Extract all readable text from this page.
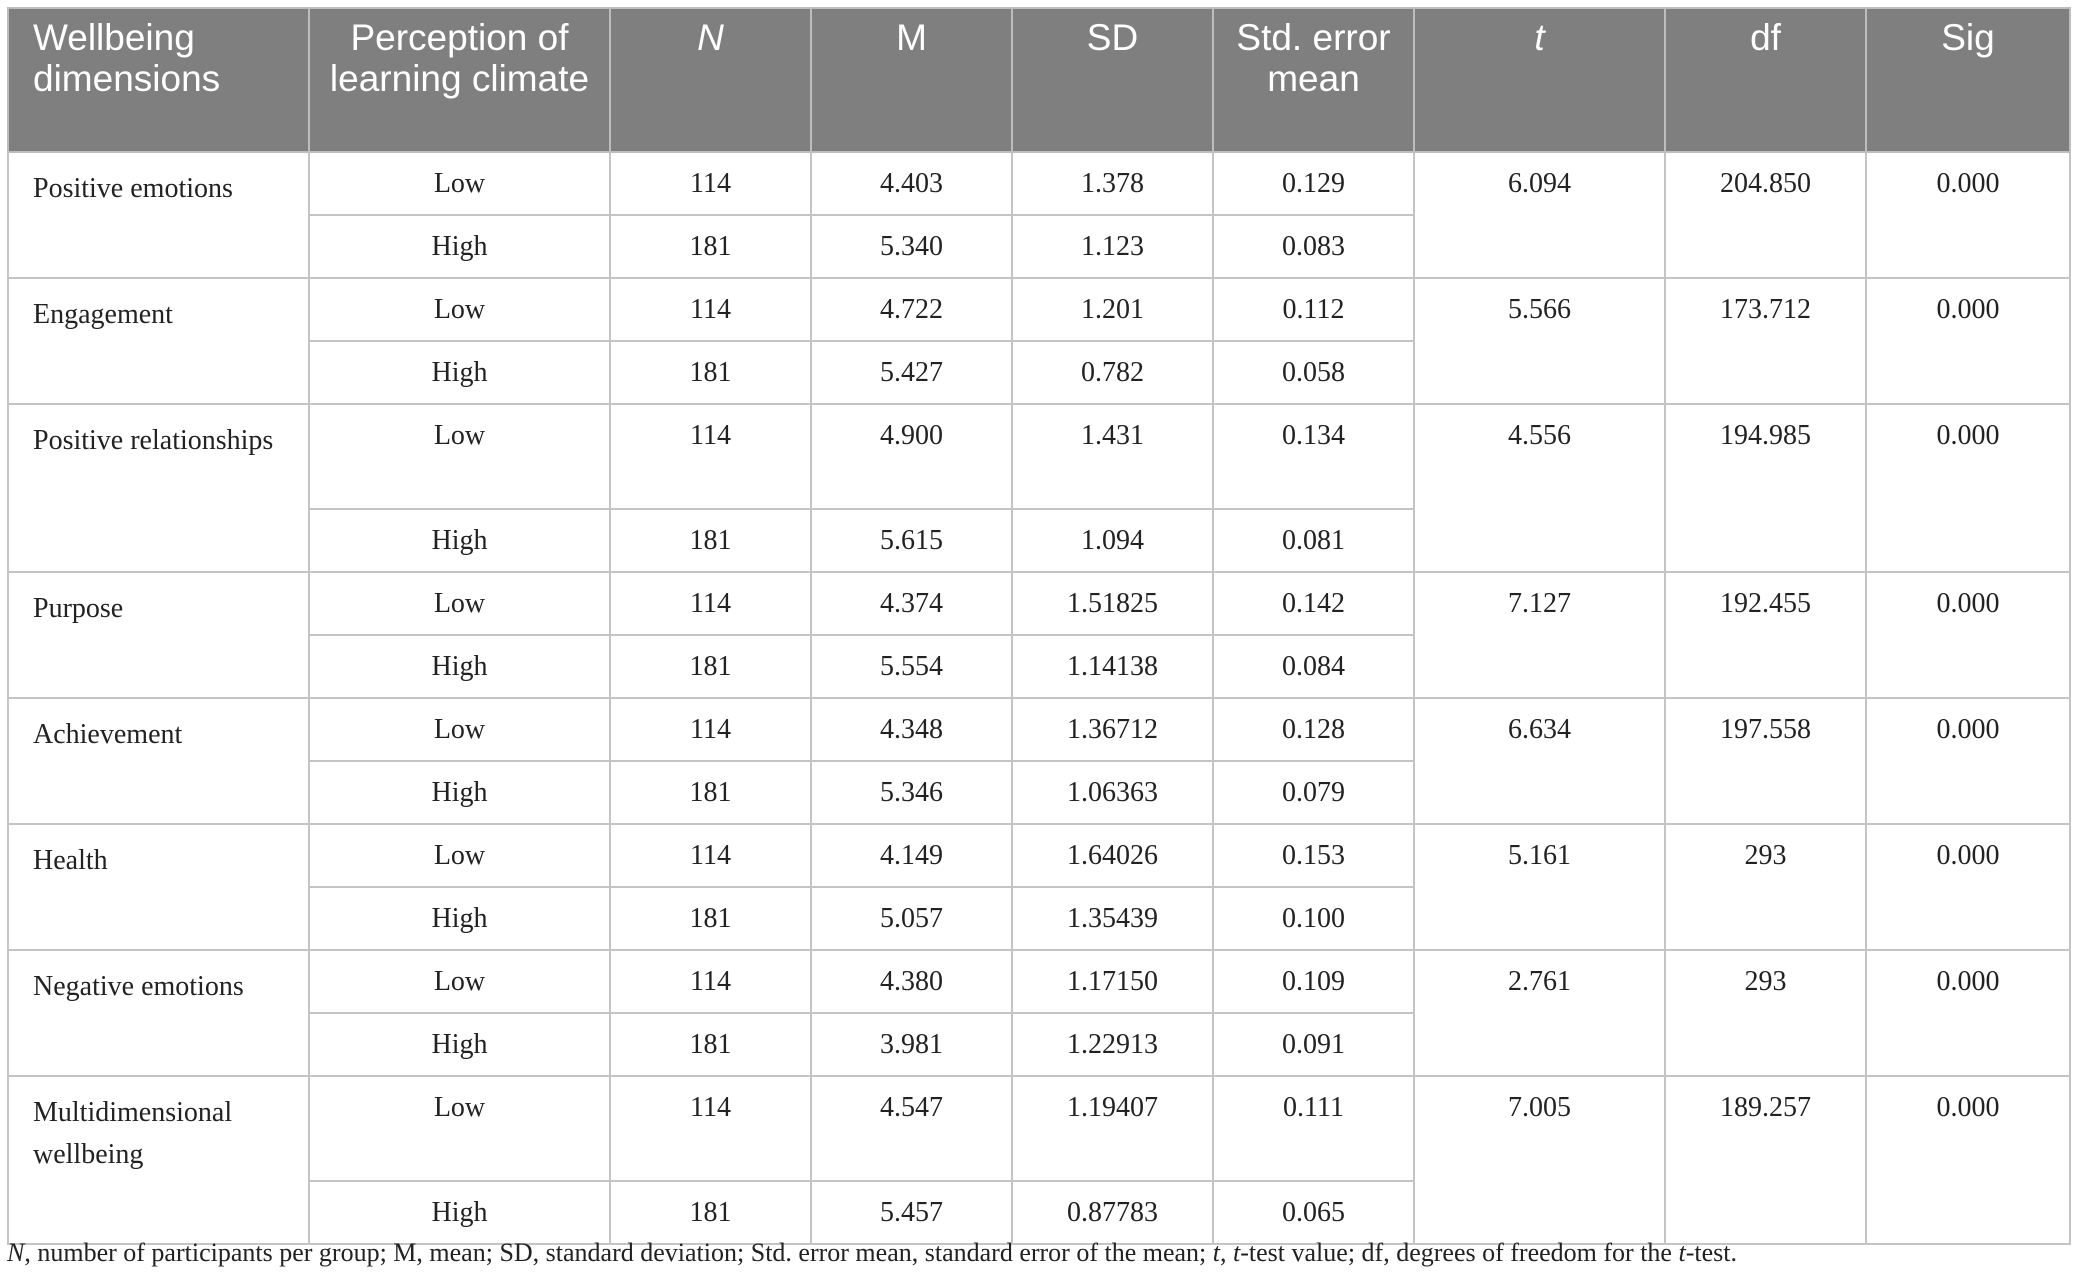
Wellbeing dimensions	Perception of learning climate	N	M	SD	Std. error mean	t	df	Sig
Positive emotions	Low	114	4.403	1.378	0.129	6.094	204.850	0.000
	High	181	5.340	1.123	0.083			
Engagement	Low	114	4.722	1.201	0.112	5.566	173.712	0.000
	High	181	5.427	0.782	0.058			
Positive relationships	Low	114	4.900	1.431	0.134	4.556	194.985	0.000
	High	181	5.615	1.094	0.081			
Purpose	Low	114	4.374	1.51825	0.142	7.127	192.455	0.000
	High	181	5.554	1.14138	0.084			
Achievement	Low	114	4.348	1.36712	0.128	6.634	197.558	0.000
	High	181	5.346	1.06363	0.079			
Health	Low	114	4.149	1.64026	0.153	5.161	293	0.000
	High	181	5.057	1.35439	0.100			
Negative emotions	Low	114	4.380	1.17150	0.109	2.761	293	0.000
	High	181	3.981	1.22913	0.091			
Multidimensional wellbeing	Low	114	4.547	1.19407	0.111	7.005	189.257	0.000
	High	181	5.457	0.87783	0.065			
N, number of participants per group; M, mean; SD, standard deviation; Std. error mean, standard error of the mean; t, t-test value; df, degrees of freedom for the t-test.
